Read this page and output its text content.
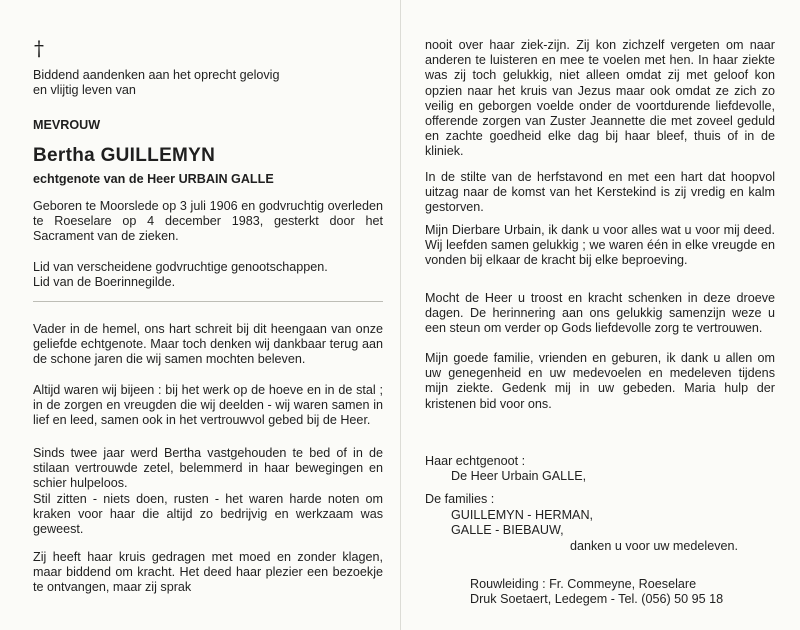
†
Biddend aandenken aan het oprecht gelovig
en vlijtig leven van
MEVROUW
Bertha GUILLEMYN
echtgenote van de Heer URBAIN GALLE

Geboren te Moorslede op 3 juli 1906 en godvruchtig overleden te Roeselare op 4 december 1983, gesterkt door het Sacrament van de zieken.

Lid van verscheidene godvruchtige genootschappen.
Lid van de Boerinnegilde.

Vader in de hemel, ons hart schreit bij dit heengaan van onze geliefde echtgenote. Maar toch denken wij dankbaar terug aan de schone jaren die wij samen mochten beleven.

Altijd waren wij bijeen : bij het werk op de hoeve en in de stal ; in de zorgen en vreugden die wij deelden - wij waren samen in lief en leed, samen ook in het vertrouwvol gebed bij de Heer.

Sinds twee jaar werd Bertha vastgehouden te bed of in de stilaan vertrouwde zetel, belemmerd in haar bewegingen en schier hulpeloos.

Stil zitten - niets doen, rusten - het waren harde noten om kraken voor haar die altijd zo bedrijvig en werkzaam was geweest.

Zij heeft haar kruis gedragen met moed en zonder klagen, maar biddend om kracht. Het deed haar plezier een bezoekje te ontvangen, maar zij sprak

nooit over haar ziek-zijn. Zij kon zichzelf vergeten om naar anderen te luisteren en mee te voelen met hen. In haar ziekte was zij toch gelukkig, niet alleen omdat zij met geloof kon opzien naar het kruis van Jezus maar ook omdat ze zich zo veilig en geborgen voelde onder de voortdurende liefdevolle, offerende zorgen van Zuster Jeannette die met zoveel geduld en zachte goedheid elke dag bij haar bleef, thuis of in de kliniek.

In de stilte van de herfstavond en met een hart dat hoopvol uitzag naar de komst van het Kerstekind is zij vredig en kalm gestorven.

Mijn Dierbare Urbain, ik dank u voor alles wat u voor mij deed. Wij leefden samen gelukkig ; we waren één in elke vreugde en vonden bij elkaar de kracht bij elke beproeving.

Mocht de Heer u troost en kracht schenken in deze droeve dagen. De herinnering aan ons gelukkig samenzijn weze u een steun om verder op Gods liefdevolle zorg te vertrouwen.

Mijn goede familie, vrienden en geburen, ik dank u allen om uw genegenheid en uw medevoelen en medeleven tijdens mijn ziekte. Gedenk mij in uw gebeden. Maria hulp der kristenen bid voor ons.

Haar echtgenoot :
De Heer Urbain GALLE,
De families :
GUILLEMYN - HERMAN,
GALLE - BIEBAUW,
danken u voor uw medeleven.
Rouwleiding : Fr. Commeyne, Roeselare
Druk Soetaert, Ledegem - Tel. (056) 50 95 18
